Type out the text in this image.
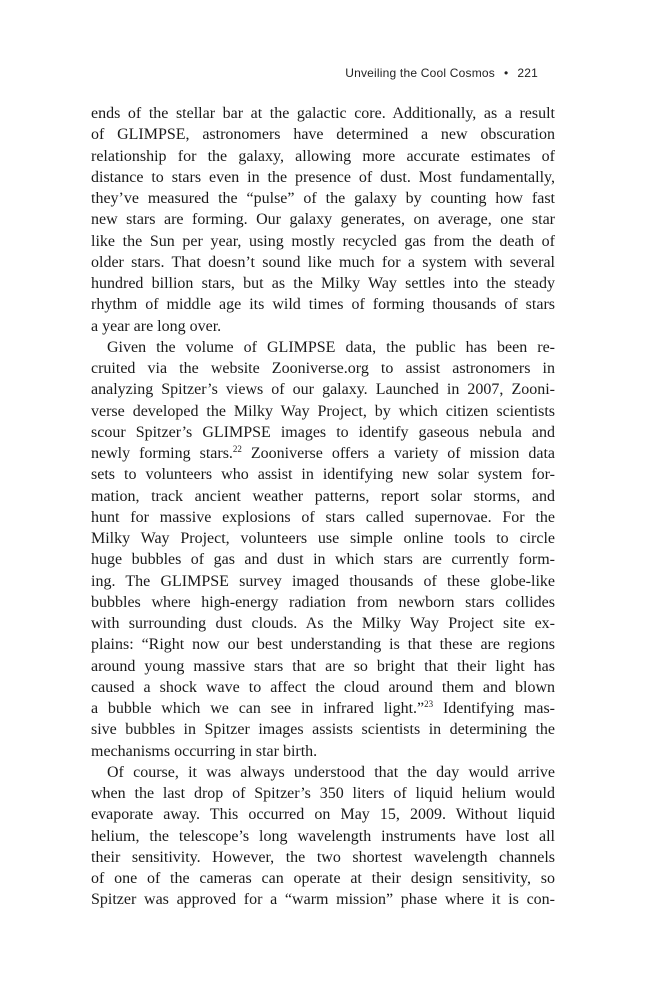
Unveiling the Cool Cosmos • 221
ends of the stellar bar at the galactic core. Additionally, as a result
of GLIMPSE, astronomers have determined a new obscuration
relationship for the galaxy, allowing more accurate estimates of
distance to stars even in the presence of dust. Most fundamentally,
they’ve measured the “pulse” of the galaxy by counting how fast
new stars are forming. Our galaxy generates, on average, one star
like the Sun per year, using mostly recycled gas from the death of
older stars. That doesn’t sound like much for a system with several
hundred billion stars, but as the Milky Way settles into the steady
rhythm of middle age its wild times of forming thousands of stars
a year are long over.
Given the volume of GLIMPSE data, the public has been re-
cruited via the website Zooniverse.org to assist astronomers in
analyzing Spitzer’s views of our galaxy. Launched in 2007, Zooni-
verse developed the Milky Way Project, by which citizen scientists
scour Spitzer’s GLIMPSE images to identify gaseous nebula and
newly forming stars.$^{22}$ Zooniverse offers a variety of mission data
sets to volunteers who assist in identifying new solar system for-
mation, track ancient weather patterns, report solar storms, and
hunt for massive explosions of stars called supernovae. For the
Milky Way Project, volunteers use simple online tools to circle
huge bubbles of gas and dust in which stars are currently form-
ing. The GLIMPSE survey imaged thousands of these globe-like
bubbles where high-energy radiation from newborn stars collides
with surrounding dust clouds. As the Milky Way Project site ex-
plains: “Right now our best understanding is that these are regions
around young massive stars that are so bright that their light has
caused a shock wave to affect the cloud around them and blown
a bubble which we can see in infrared light.”$^{23}$ Identifying mas-
sive bubbles in Spitzer images assists scientists in determining the
mechanisms occurring in star birth.
Of course, it was always understood that the day would arrive
when the last drop of Spitzer’s 350 liters of liquid helium would
evaporate away. This occurred on May 15, 2009. Without liquid
helium, the telescope’s long wavelength instruments have lost all
their sensitivity. However, the two shortest wavelength channels
of one of the cameras can operate at their design sensitivity, so
Spitzer was approved for a “warm mission” phase where it is con-
